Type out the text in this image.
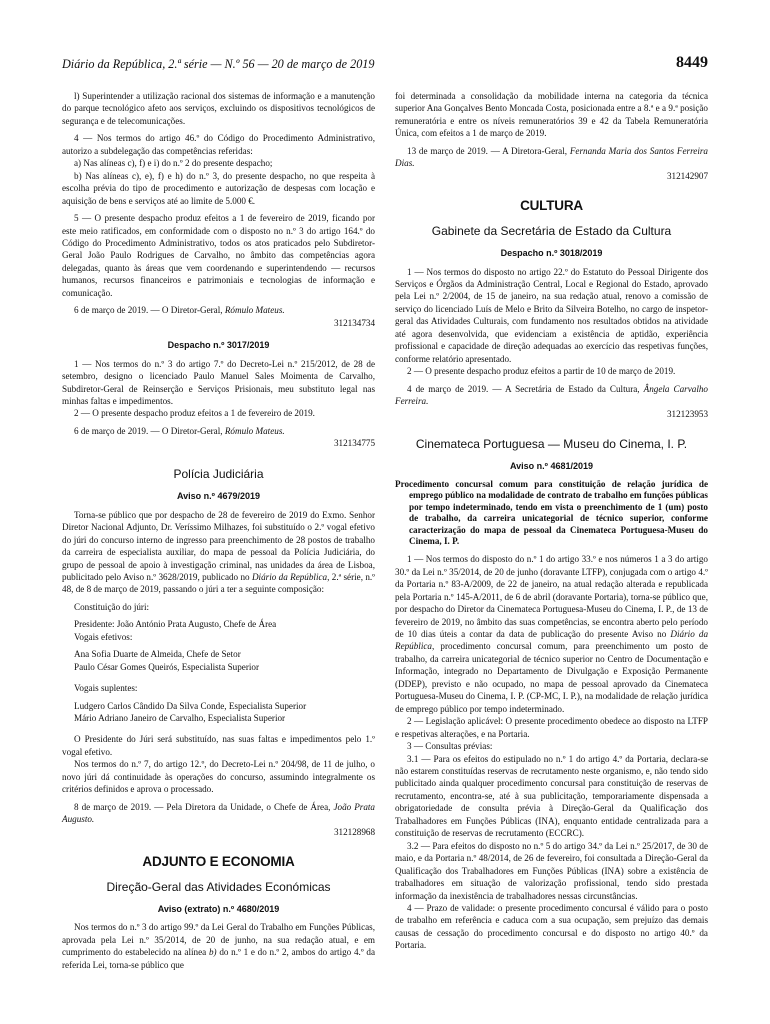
Diário da República, 2.ª série — N.º 56 — 20 de março de 2019	8449

l) Superintender a utilização racional dos sistemas de informação e a manutenção do parque tecnológico afeto aos serviços, excluindo os dispositivos tecnológicos de segurança e de telecomunicações.

4 — Nos termos do artigo 46.º do Código do Procedimento Administrativo, autorizo a subdelegação das competências referidas:

a) Nas alíneas c), f) e i) do n.º 2 do presente despacho;

b) Nas alíneas c), e), f) e h) do n.º 3, do presente despacho, no que respeita à escolha prévia do tipo de procedimento e autorização de despesas com locação e aquisição de bens e serviços até ao limite de 5.000 €.

5 — O presente despacho produz efeitos a 1 de fevereiro de 2019, ficando por este meio ratificados, em conformidade com o disposto no n.º 3 do artigo 164.º do Código do Procedimento Administrativo, todos os atos praticados pelo Subdiretor-Geral João Paulo Rodrigues de Carvalho, no âmbito das competências agora delegadas, quanto às áreas que vem coordenando e superintendendo — recursos humanos, recursos financeiros e patrimoniais e tecnologias de informação e comunicação.

6 de março de 2019. — O Diretor-Geral, Rómulo Mateus.

312134734

Despacho n.º 3017/2019

1 — Nos termos do n.º 3 do artigo 7.º do Decreto-Lei n.º 215/2012, de 28 de setembro, designo o licenciado Paulo Manuel Sales Moimenta de Carvalho, Subdiretor-Geral de Reinserção e Serviços Prisionais, meu substituto legal nas minhas faltas e impedimentos.

2 — O presente despacho produz efeitos a 1 de fevereiro de 2019.

6 de março de 2019. — O Diretor-Geral, Rómulo Mateus.

312134775

Polícia Judiciária
Aviso n.º 4679/2019

Torna-se público que por despacho de 28 de fevereiro de 2019 do Exmo. Senhor Diretor Nacional Adjunto, Dr. Veríssimo Milhazes, foi substituído o 2.º vogal efetivo do júri do concurso interno de ingresso para preenchimento de 28 postos de trabalho da carreira de especialista auxiliar, do mapa de pessoal da Polícia Judiciária, do grupo de pessoal de apoio à investigação criminal, nas unidades da área de Lisboa, publicitado pelo Aviso n.º 3628/2019, publicado no Diário da República, 2.ª série, n.º 48, de 8 de março de 2019, passando o júri a ter a seguinte composição:

Constituição do júri:

Presidente: João António Prata Augusto, Chefe de Área

Vogais efetivos:

Ana Sofia Duarte de Almeida, Chefe de Setor

Paulo César Gomes Queirós, Especialista Superior

Vogais suplentes:

Ludgero Carlos Cândido Da Silva Conde, Especialista Superior

Mário Adriano Janeiro de Carvalho, Especialista Superior

O Presidente do Júri será substituído, nas suas faltas e impedimentos pelo 1.º vogal efetivo.

Nos termos do n.º 7, do artigo 12.º, do Decreto-Lei n.º 204/98, de 11 de julho, o novo júri dá continuidade às operações do concurso, assumindo integralmente os critérios definidos e aprova o processado.

8 de março de 2019. — Pela Diretora da Unidade, o Chefe de Área, João Prata Augusto.

312128968

ADJUNTO E ECONOMIA
Direção-Geral das Atividades Económicas
Aviso (extrato) n.º 4680/2019

Nos termos do n.º 3 do artigo 99.º da Lei Geral do Trabalho em Funções Públicas, aprovada pela Lei n.º 35/2014, de 20 de junho, na sua redação atual, e em cumprimento do estabelecido na alínea b) do n.º 1 e do n.º 2, ambos do artigo 4.º da referida Lei, torna-se público que

foi determinada a consolidação da mobilidade interna na categoria da técnica superior Ana Gonçalves Bento Moncada Costa, posicionada entre a 8.ª e a 9.ª posição remuneratória e entre os níveis remuneratórios 39 e 42 da Tabela Remuneratória Única, com efeitos a 1 de março de 2019.

13 de março de 2019. — A Diretora-Geral, Fernanda Maria dos Santos Ferreira Dias.

312142907

CULTURA
Gabinete da Secretária de Estado da Cultura
Despacho n.º 3018/2019

1 — Nos termos do disposto no artigo 22.º do Estatuto do Pessoal Dirigente dos Serviços e Órgãos da Administração Central, Local e Regional do Estado, aprovado pela Lei n.º 2/2004, de 15 de janeiro, na sua redação atual, renovo a comissão de serviço do licenciado Luís de Melo e Brito da Silveira Botelho, no cargo de inspetor-geral das Atividades Culturais, com fundamento nos resultados obtidos na atividade até agora desenvolvida, que evidenciam a existência de aptidão, experiência profissional e capacidade de direção adequadas ao exercício das respetivas funções, conforme relatório apresentado.

2 — O presente despacho produz efeitos a partir de 10 de março de 2019.

4 de março de 2019. — A Secretária de Estado da Cultura, Ângela Carvalho Ferreira.

312123953

Cinemateca Portuguesa — Museu do Cinema, I. P.
Aviso n.º 4681/2019

Procedimento concursal comum para constituição de relação jurídica de emprego público na modalidade de contrato de trabalho em funções públicas por tempo indeterminado, tendo em vista o preenchimento de 1 (um) posto de trabalho, da carreira unicategorial de técnico superior, conforme caracterização do mapa de pessoal da Cinemateca Portuguesa-Museu do Cinema, I. P.

1 — Nos termos do disposto do n.º 1 do artigo 33.º e nos números 1 a 3 do artigo 30.º da Lei n.º 35/2014, de 20 de junho (doravante LTFP), conjugada com o artigo 4.º da Portaria n.º 83-A/2009, de 22 de janeiro, na atual redação alterada e republicada pela Portaria n.º 145-A/2011, de 6 de abril (doravante Portaria), torna-se público que, por despacho do Diretor da Cinemateca Portuguesa-Museu do Cinema, I. P., de 13 de fevereiro de 2019, no âmbito das suas competências, se encontra aberto pelo período de 10 dias úteis a contar da data de publicação do presente Aviso no Diário da República, procedimento concursal comum, para preenchimento um posto de trabalho, da carreira unicategorial de técnico superior no Centro de Documentação e Informação, integrado no Departamento de Divulgação e Exposição Permanente (DDEP), previsto e não ocupado, no mapa de pessoal aprovado da Cinemateca Portuguesa-Museu do Cinema, I. P. (CP-MC, I. P.), na modalidade de relação jurídica de emprego público por tempo indeterminado.

2 — Legislação aplicável: O presente procedimento obedece ao disposto na LTFP e respetivas alterações, e na Portaria.

3 — Consultas prévias:

3.1 — Para os efeitos do estipulado no n.º 1 do artigo 4.º da Portaria, declara-se não estarem constituídas reservas de recrutamento neste organismo, e, não tendo sido publicitado ainda qualquer procedimento concursal para constituição de reservas de recrutamento, encontra-se, até à sua publicitação, temporariamente dispensada a obrigatoriedade de consulta prévia à Direção-Geral da Qualificação dos Trabalhadores em Funções Públicas (INA), enquanto entidade centralizada para a constituição de reservas de recrutamento (ECCRC).

3.2 — Para efeitos do disposto no n.º 5 do artigo 34.º da Lei n.º 25/2017, de 30 de maio, e da Portaria n.º 48/2014, de 26 de fevereiro, foi consultada a Direção-Geral da Qualificação dos Trabalhadores em Funções Públicas (INA) sobre a existência de trabalhadores em situação de valorização profissional, tendo sido prestada informação da inexistência de trabalhadores nessas circunstâncias.

4 — Prazo de validade: o presente procedimento concursal é válido para o posto de trabalho em referência e caduca com a sua ocupação, sem prejuízo das demais causas de cessação do procedimento concursal e do disposto no artigo 40.º da Portaria.
